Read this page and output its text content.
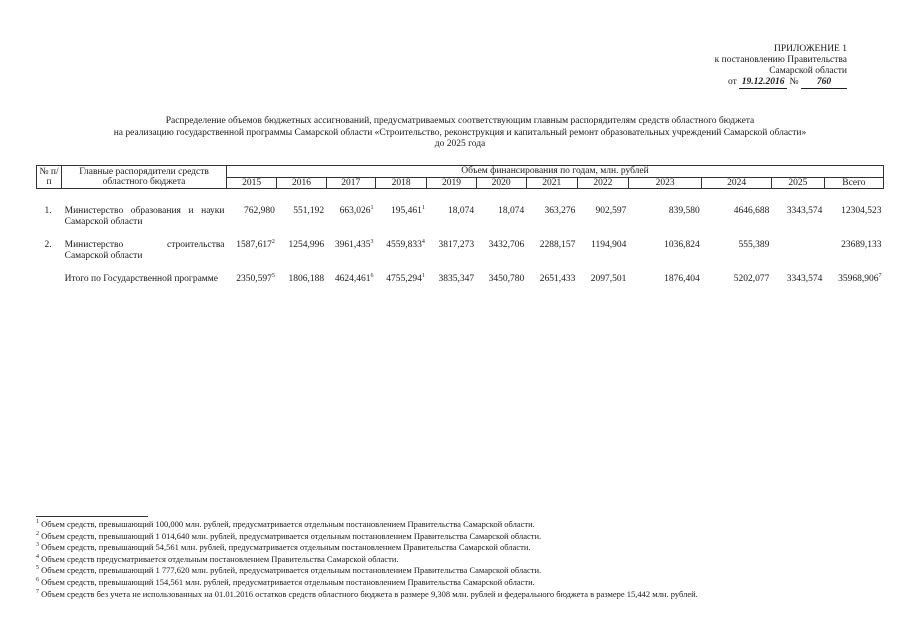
ПРИЛОЖЕНИЕ 1
к постановлению Правительства
Самарской области
от 19.12.2016 № 760
Распределение объемов бюджетных ассигнований, предусматриваемых соответствующим главным распорядителям средств областного бюджета
на реализацию государственной программы Самарской области «Строительство, реконструкция и капитальный ремонт образовательных учреждений Самарской области»
до 2025 года
№ п/п	Главные распорядители средств областного бюджета	Объем финансирования по годам, млн. рублей											
		2015	2016	2017	2018	2019	2020	2021	2022	2023	2024	2025	Всего

1.	Министерство образования и науки Самарской области	762,980	551,192	663,026$^1$	195,461$^1$	18,074	18,074	363,276	902,597	839,580	4646,688	3343,574	12304,523
2.	Министерство строительства Самарской области	1587,617$^2$	1254,996	3961,435$^3$	4559,833$^4$	3817,273	3432,706	2288,157	1194,904	1036,824	555,389		23689,133
	Итого по Государственной программе	2350,597$^5$	1806,188	4624,461$^6$	4755,294$^1$	3835,347	3450,780	2651,433	2097,501	1876,404	5202,077	3343,574	35968,906$^7$
$^1$ Объем средств, превышающий 100,000 млн. рублей, предусматривается отдельным постановлением Правительства Самарской области.
$^2$ Объем средств, превышающий 1 014,640 млн. рублей, предусматривается отдельным постановлением Правительства Самарской области.
$^3$ Объем средств, превышающий 54,561 млн. рублей, предусматривается отдельным постановлением Правительства Самарской области.
$^4$ Объем средств предусматривается отдельным постановлением Правительства Самарской области.
$^5$ Объем средств, превышающий 1 777,620 млн. рублей, предусматривается отдельным постановлением Правительства Самарской области.
$^6$ Объем средств, превышающий 154,561 млн. рублей, предусматривается отдельным постановлением Правительства Самарской области.
$^7$ Объем средств без учета не использованных на 01.01.2016 остатков средств областного бюджета в размере 9,308 млн. рублей и федерального бюджета в размере 15,442 млн. рублей.
